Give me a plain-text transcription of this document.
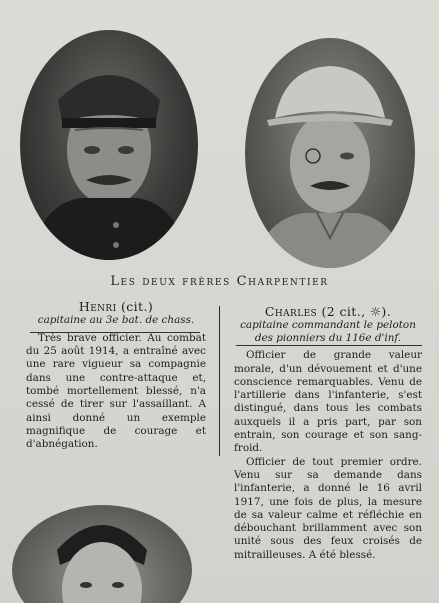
Les deux frères Charpentier
Henri (cit.)
capitaine au 3e bat. de chass.

Très brave officier. Au combat du 25 août 1914, a entraîné avec une rare vigueur sa compagnie dans une contre-attaque et, tombé mortellement blessé, n'a cessé de tirer sur l'assaillant. A ainsi donné un exemple magnifique de courage et d'abnégation.

Charles (2 cit., ☼).
capitaine commandant le peloton des pionniers du 116e d'inf.

Officier de grande valeur morale, d'un dévouement et d'une conscience remarquables. Venu de l'artillerie dans l'infanterie, s'est distingué, dans tous les combats auxquels il a pris part, par son entrain, son courage et son sang-froid.

Officier de tout premier ordre. Venu sur sa demande dans l'infanterie, a donné le 16 avril 1917, une fois de plus, la mesure de sa valeur calme et réfléchie en débouchant brillamment avec son unité sous des feux croisés de mitrailleuses. A été blessé.
